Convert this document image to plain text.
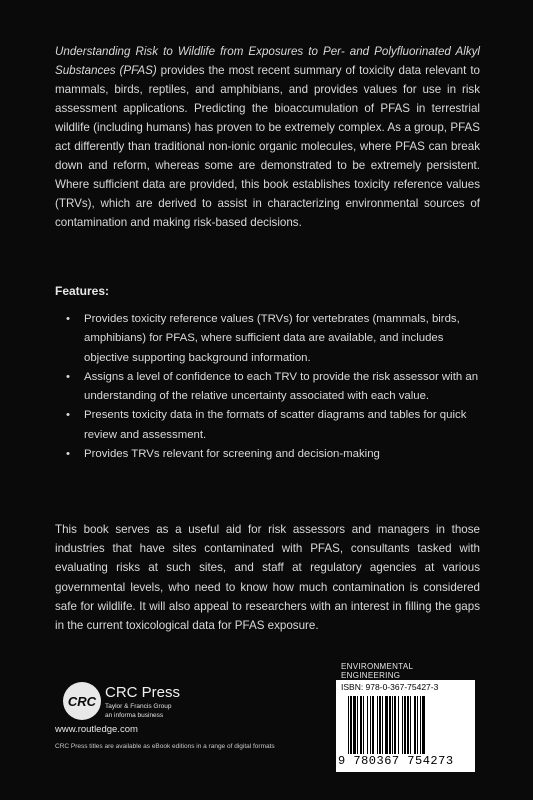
Understanding Risk to Wildlife from Exposures to Per- and Polyfluorinated Alkyl Substances (PFAS) provides the most recent summary of toxicity data relevant to mammals, birds, reptiles, and amphibians, and provides values for use in risk assessment applications. Predicting the bioaccumulation of PFAS in terrestrial wildlife (including humans) has proven to be extremely complex. As a group, PFAS act differently than traditional non-ionic organic molecules, where PFAS can break down and reform, whereas some are demonstrated to be extremely persistent. Where sufficient data are provided, this book establishes toxicity reference values (TRVs), which are derived to assist in characterizing environmental sources of contamination and making risk-based decisions.

Features:

• Provides toxicity reference values (TRVs) for vertebrates (mammals, birds, amphibians) for PFAS, where sufficient data are available, and includes objective supporting background information.
• Assigns a level of confidence to each TRV to provide the risk assessor with an understanding of the relative uncertainty associated with each value.
• Presents toxicity data in the formats of scatter diagrams and tables for quick review and assessment.
• Provides TRVs relevant for screening and decision-making

This book serves as a useful aid for risk assessors and managers in those industries that have sites contaminated with PFAS, consultants tasked with evaluating risks at such sites, and staff at regulatory agencies at various governmental levels, who need to know how much contamination is considered safe for wildlife. It will also appeal to researchers with an interest in filling the gaps in the current toxicological data for PFAS exposure.

CRC CRC Press
Taylor & Francis Group
an informa business
www.routledge.com
CRC Press titles are available as eBook editions in a range of digital formats
ENVIRONMENTAL ENGINEERING
ISBN: 978-0-367-75427-3
9 780367 754273
